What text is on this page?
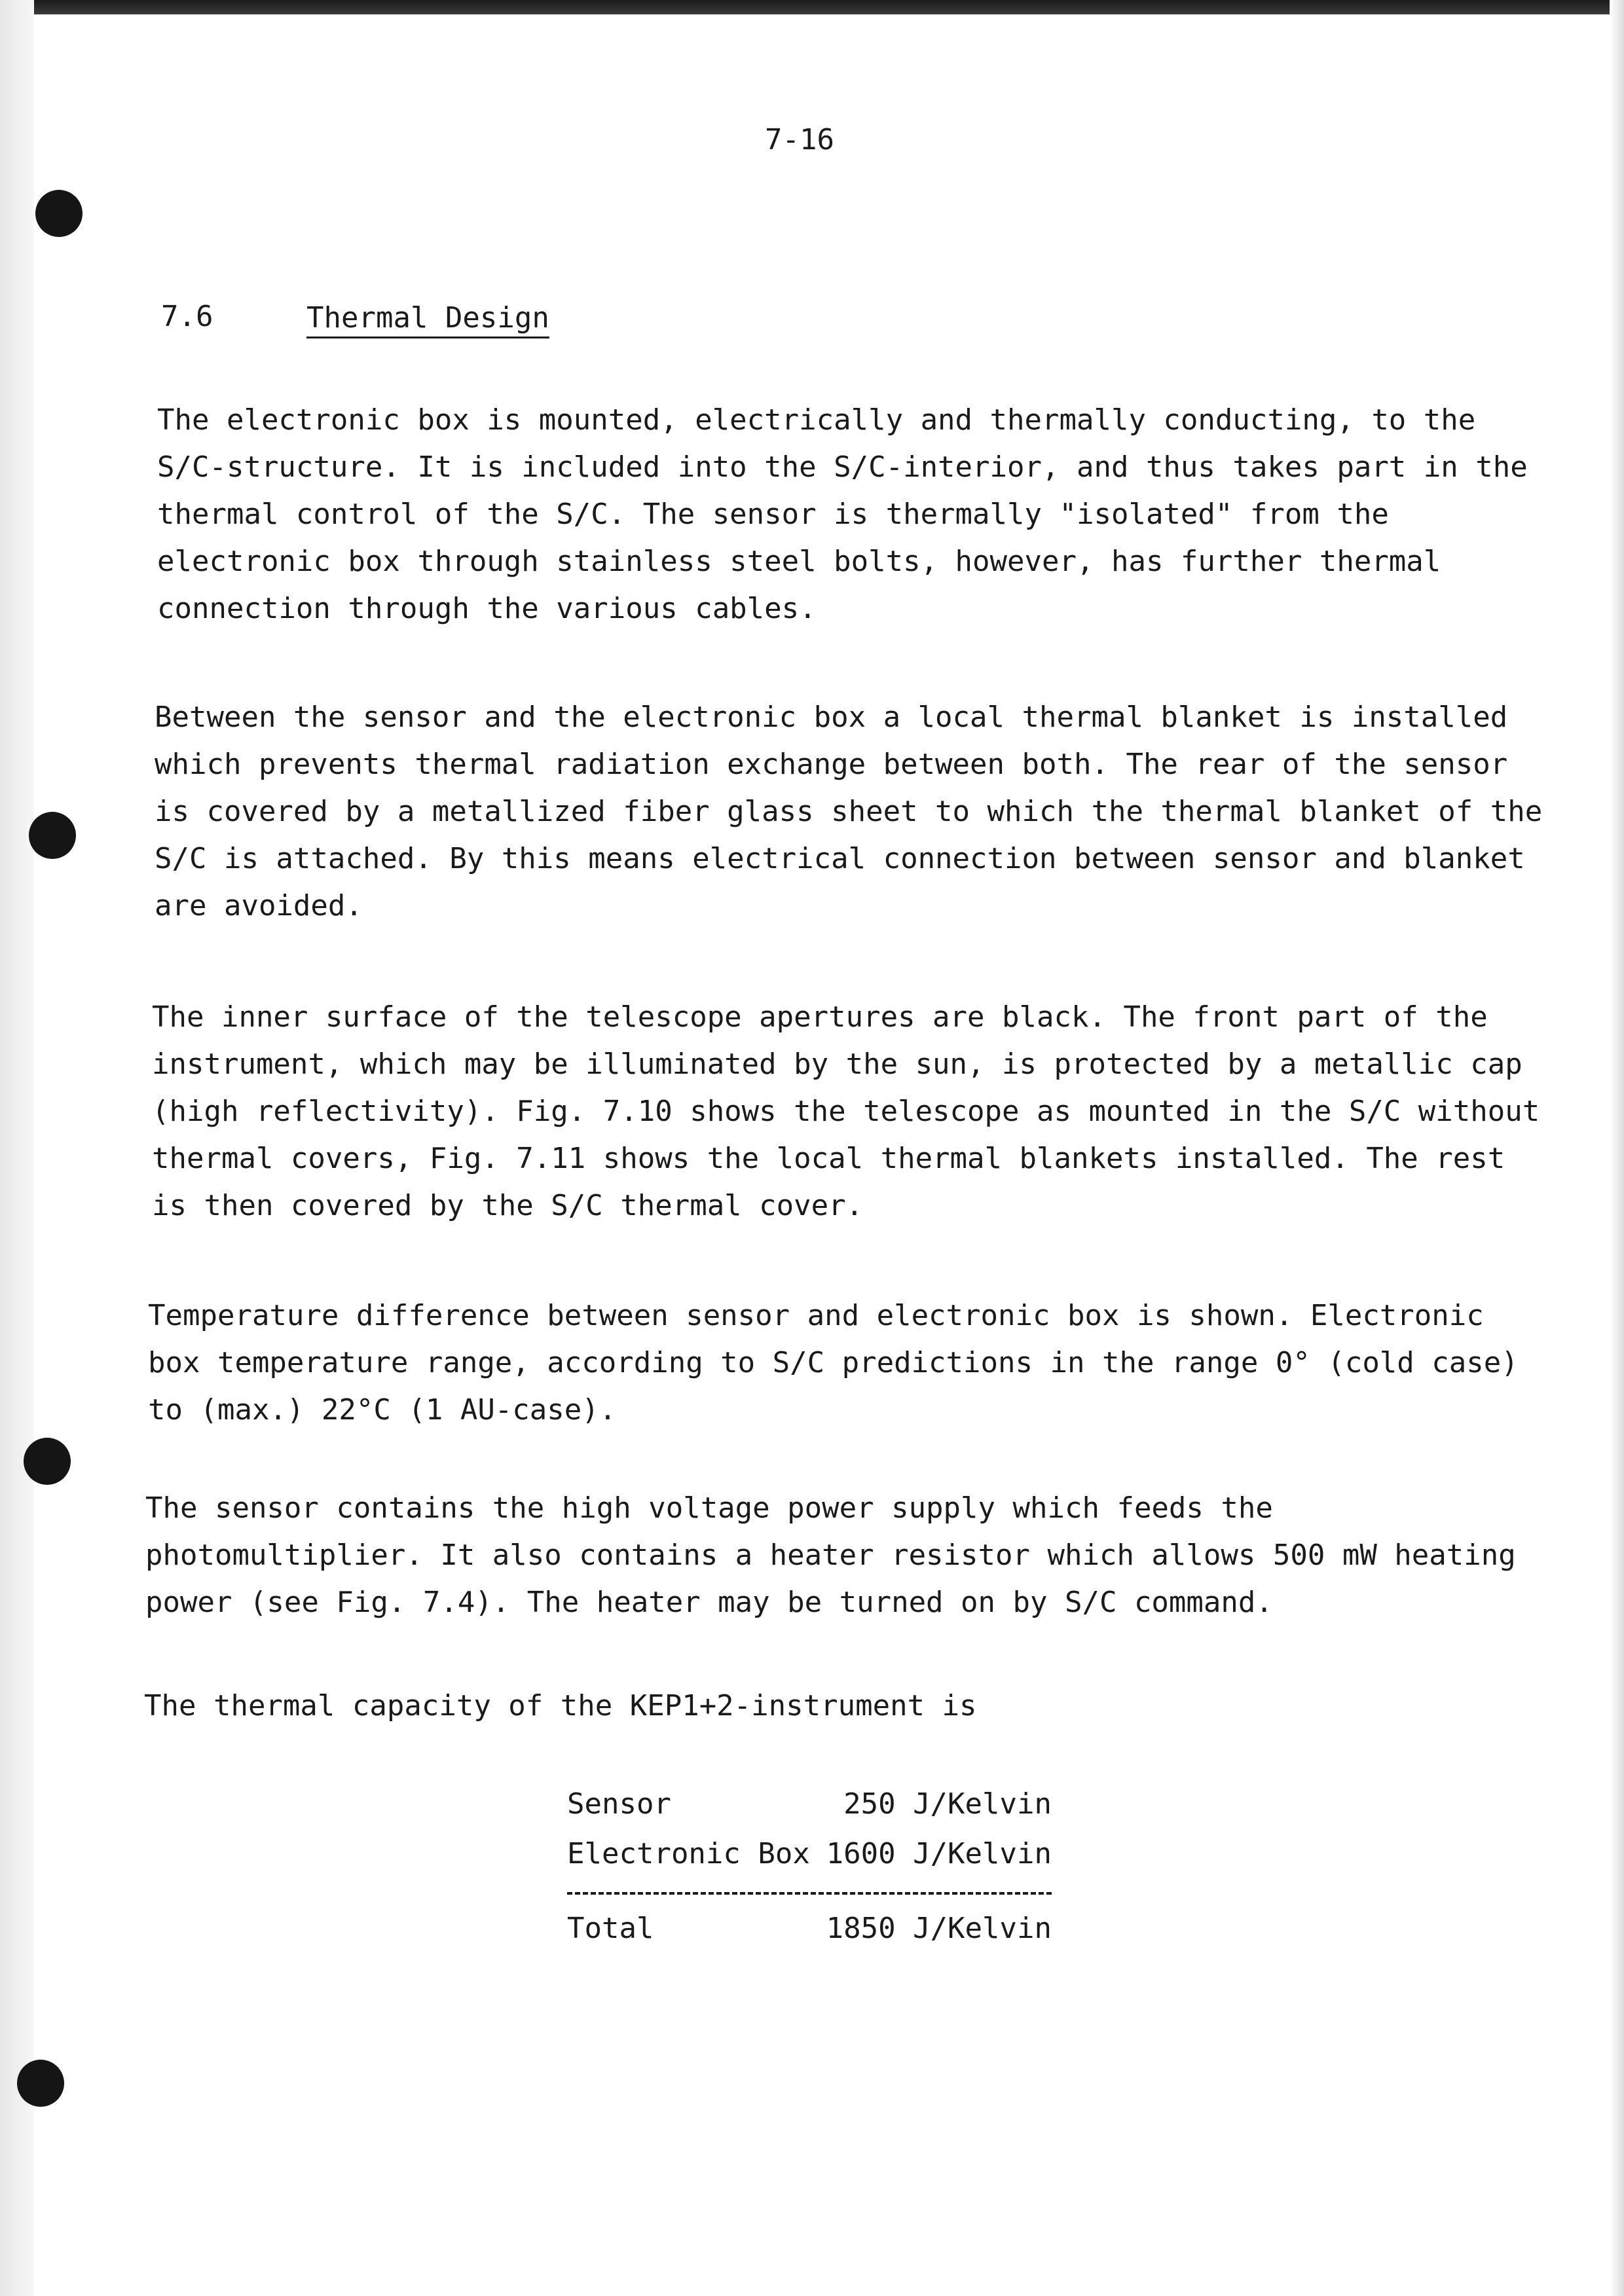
7-16
7.6	Thermal Design
The electronic box is mounted, electrically and thermally conducting, to the
S/C-structure. It is included into the S/C-interior, and thus takes part in the
thermal control of the S/C. The sensor is thermally "isolated" from the
electronic box through stainless steel bolts, however, has further thermal
connection through the various cables.
Between the sensor and the electronic box a local thermal blanket is installed
which prevents thermal radiation exchange between both. The rear of the sensor
is covered by a metallized fiber glass sheet to which the thermal blanket of the
S/C is attached. By this means electrical connection between sensor and blanket
are avoided.
The inner surface of the telescope apertures are black. The front part of the
instrument, which may be illuminated by the sun, is protected by a metallic cap
(high reflectivity). Fig. 7.10 shows the telescope as mounted in the S/C without
thermal covers, Fig. 7.11 shows the local thermal blankets installed. The rest
is then covered by the S/C thermal cover.
Temperature difference between sensor and electronic box is shown. Electronic
box temperature range, according to S/C predictions in the range 0° (cold case)
to (max.) 22°C (1 AU-case).
The sensor contains the high voltage power supply which feeds the
photomultiplier. It also contains a heater resistor which allows 500 mW heating
power (see Fig. 7.4). The heater may be turned on by S/C command.
The thermal capacity of the KEP1+2-instrument is
Sensor	250 J/Kelvin
Electronic Box 1600 J/Kelvin
Total	1850 J/Kelvin
